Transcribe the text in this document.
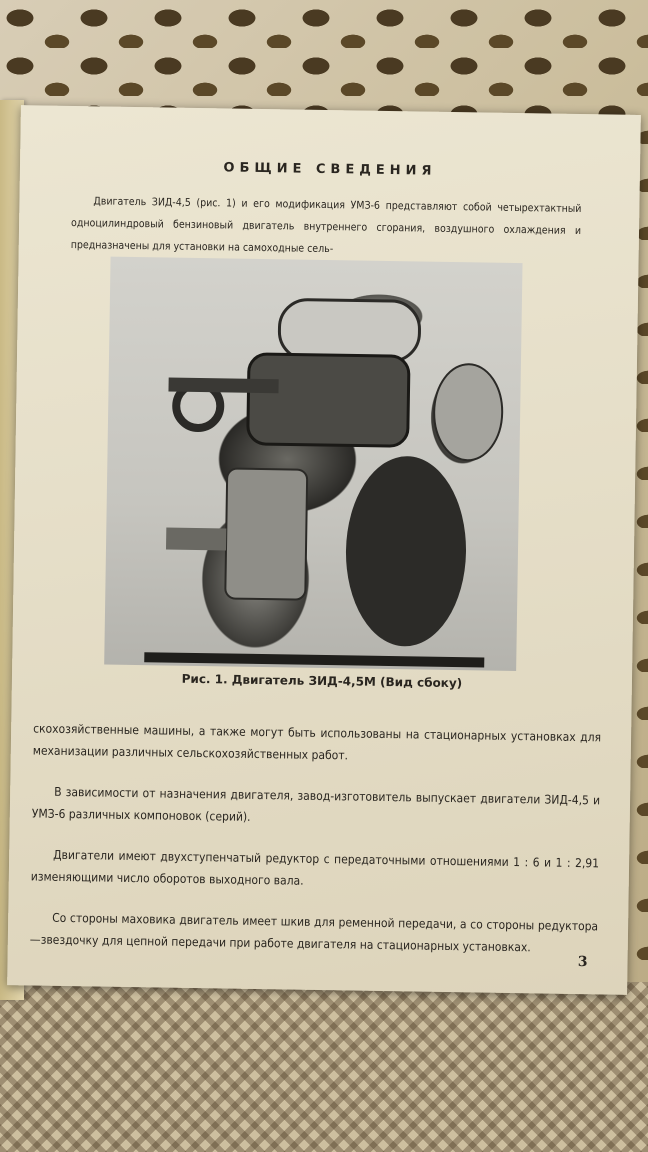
ОБЩИЕ СВЕДЕНИЯ

Двигатель ЗИД-4,5 (рис. 1) и его модификация УМЗ-6 представляют собой четырехтактный одноцилиндровый бензиновый двигатель внутреннего сгорания, воздушного охлаждения и предназначены для установки на самоходные сель-

Рис. 1. Двигатель ЗИД-4,5М (Вид сбоку)

скохозяйственные машины, а также могут быть использованы на стационарных установках для механизации различных сельскохозяйственных работ.

В зависимости от назначения двигателя, завод-изготовитель выпускает двигатели ЗИД-4,5 и УМЗ-6 различных компоновок (серий).

Двигатели имеют двухступенчатый редуктор с передаточными отношениями 1 : 6 и 1 : 2,91 изменяющими число оборотов выходного вала.

Со стороны маховика двигатель имеет шкив для ременной передачи, а со стороны редуктора—звездочку для цепной передачи при работе двигателя на стационарных установках.

3
